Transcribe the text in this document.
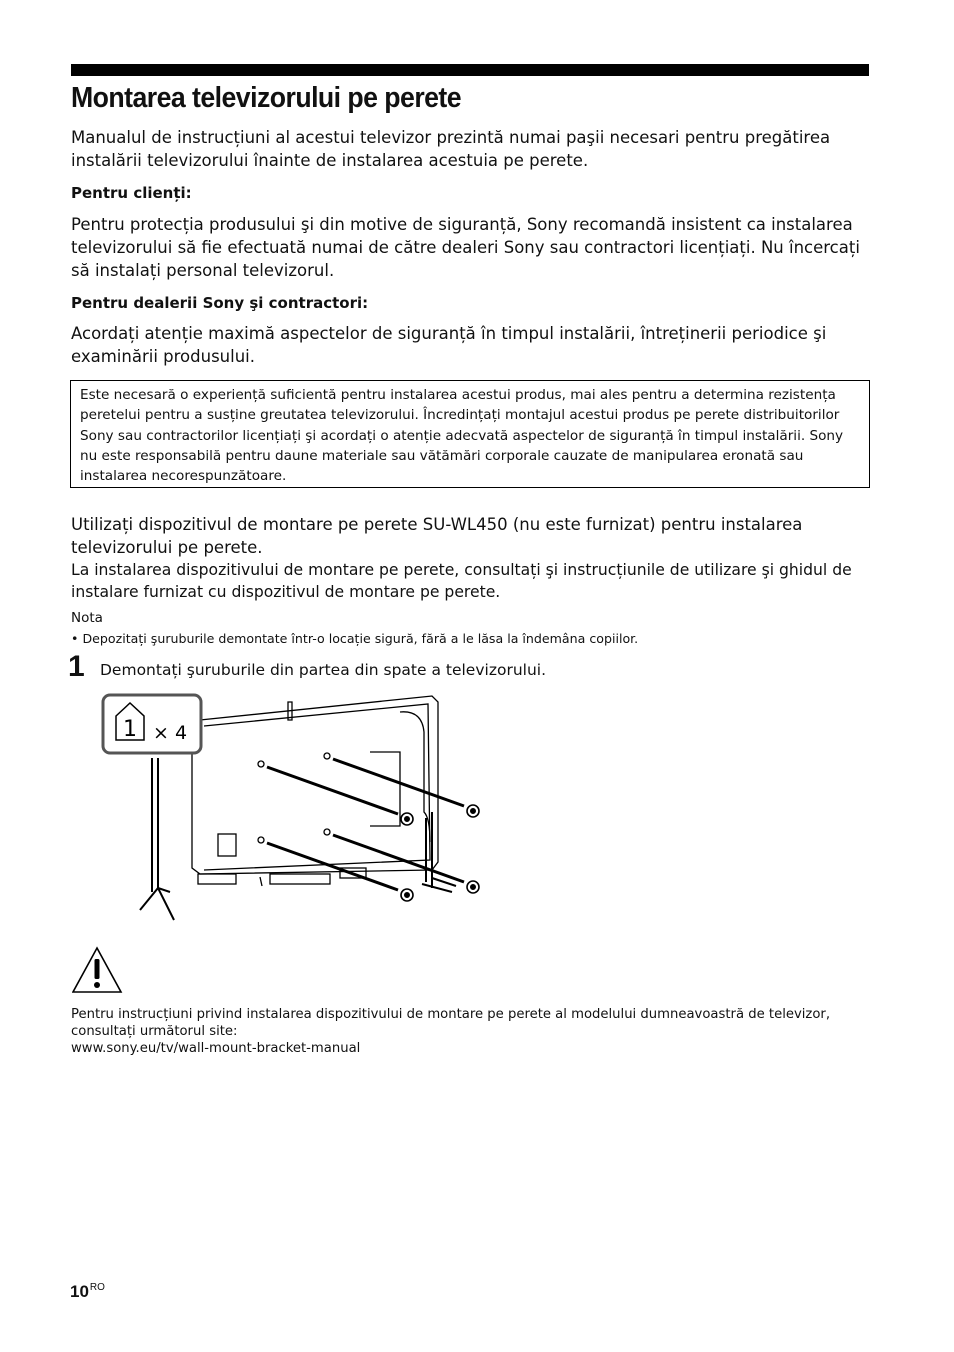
Montarea televizorului pe perete
Manualul de instrucțiuni al acestui televizor prezintă numai paşii necesari pentru pregătirea instalării televizorului înainte de instalarea acestuia pe perete.
Pentru clienți:
Pentru protecția produsului şi din motive de siguranță, Sony recomandă insistent ca instalarea televizorului să fie efectuată numai de către dealeri Sony sau contractori licențiați. Nu încercați să instalați personal televizorul.
Pentru dealerii Sony şi contractori:
Acordați atenție maximă aspectelor de siguranță în timpul instalării, întreținerii periodice şi examinării produsului.
Este necesară o experiență suficientă pentru instalarea acestui produs, mai ales pentru a determina rezistența peretelui pentru a susține greutatea televizorului. Încredințați montajul acestui produs pe perete distribuitorilor Sony sau contractorilor licențiați şi acordați o atenție adecvată aspectelor de siguranță în timpul instalării. Sony nu este responsabilă pentru daune materiale sau vătămări corporale cauzate de manipularea eronată sau instalarea necorespunzătoare.
Utilizați dispozitivul de montare pe perete SU-WL450 (nu este furnizat) pentru instalarea televizorului pe perete.
La instalarea dispozitivului de montare pe perete, consultați şi instrucțiunile de utilizare şi ghidul de instalare furnizat cu dispozitivul de montare pe perete.
Nota
• Depozitați şuruburile demontate într-o locație sigură, fără a le lăsa la îndemâna copiilor.
1 Demontați şuruburile din partea din spate a televizorului.
1 × 4
Pentru instrucțiuni privind instalarea dispozitivului de montare pe perete al modelului dumneavoastră de televizor, consultați următorul site:
www.sony.eu/tv/wall-mount-bracket-manual
$10^{RO}$
